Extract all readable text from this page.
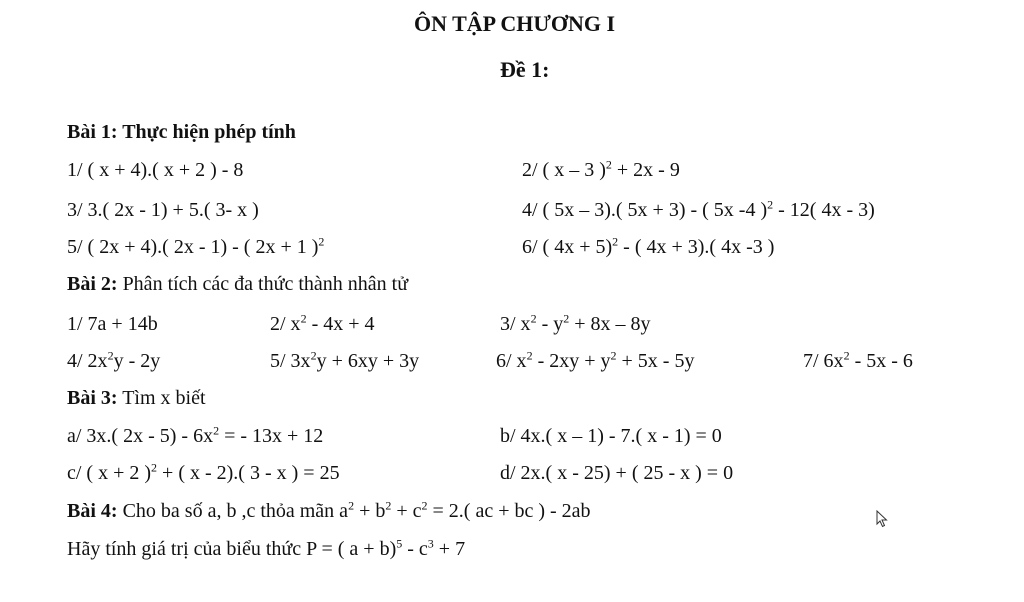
ÔN TẬP CHƯƠNG I
Đề 1:
Bài 1: Thực hiện phép tính
1/ ( x + 4).( x + 2 ) - 8	2/ ( x – 3 )$^2$ + 2x - 9
3/ 3.( 2x - 1) + 5.( 3- x )	4/ ( 5x – 3).( 5x + 3) - ( 5x -4 )$^2$ - 12( 4x - 3)
5/ ( 2x + 4).( 2x - 1) - ( 2x + 1 )$^2$	6/ ( 4x + 5)$^2$ - ( 4x + 3).( 4x -3 )
Bài 2: Phân tích các đa thức thành nhân tử
1/ 7a + 14b	2/ $x^2 - 4x + 4$	3/ $x^2 - y^2 + 8x - 8y$
4/ $2x^2y - 2y$	5/ $3x^2y + 6xy + 3y$	6/ $x^2 - 2xy + y^2 + 5x - 5y$	7/ $6x^2 - 5x - 6$
Bài 3: Tìm x biết
a/ 3x.( $2x - 5) - 6x^2$ = - 13x + 12	b/ 4x.( x – 1) - 7.( x - 1) = 0
c/ ( x + 2 )$^2$ + ( x - 2).( 3 - x ) = 25	d/ 2x.( x - 25) + ( 25 - x ) = 0
Bài 4: Cho ba số a, b ,c thỏa mãn $a^2 + b^2 + c^2 = 2$.( ac + bc ) - 2ab
Hãy tính giá trị của biểu thức P = ( $a + b)^5 - c^3 + 7$
